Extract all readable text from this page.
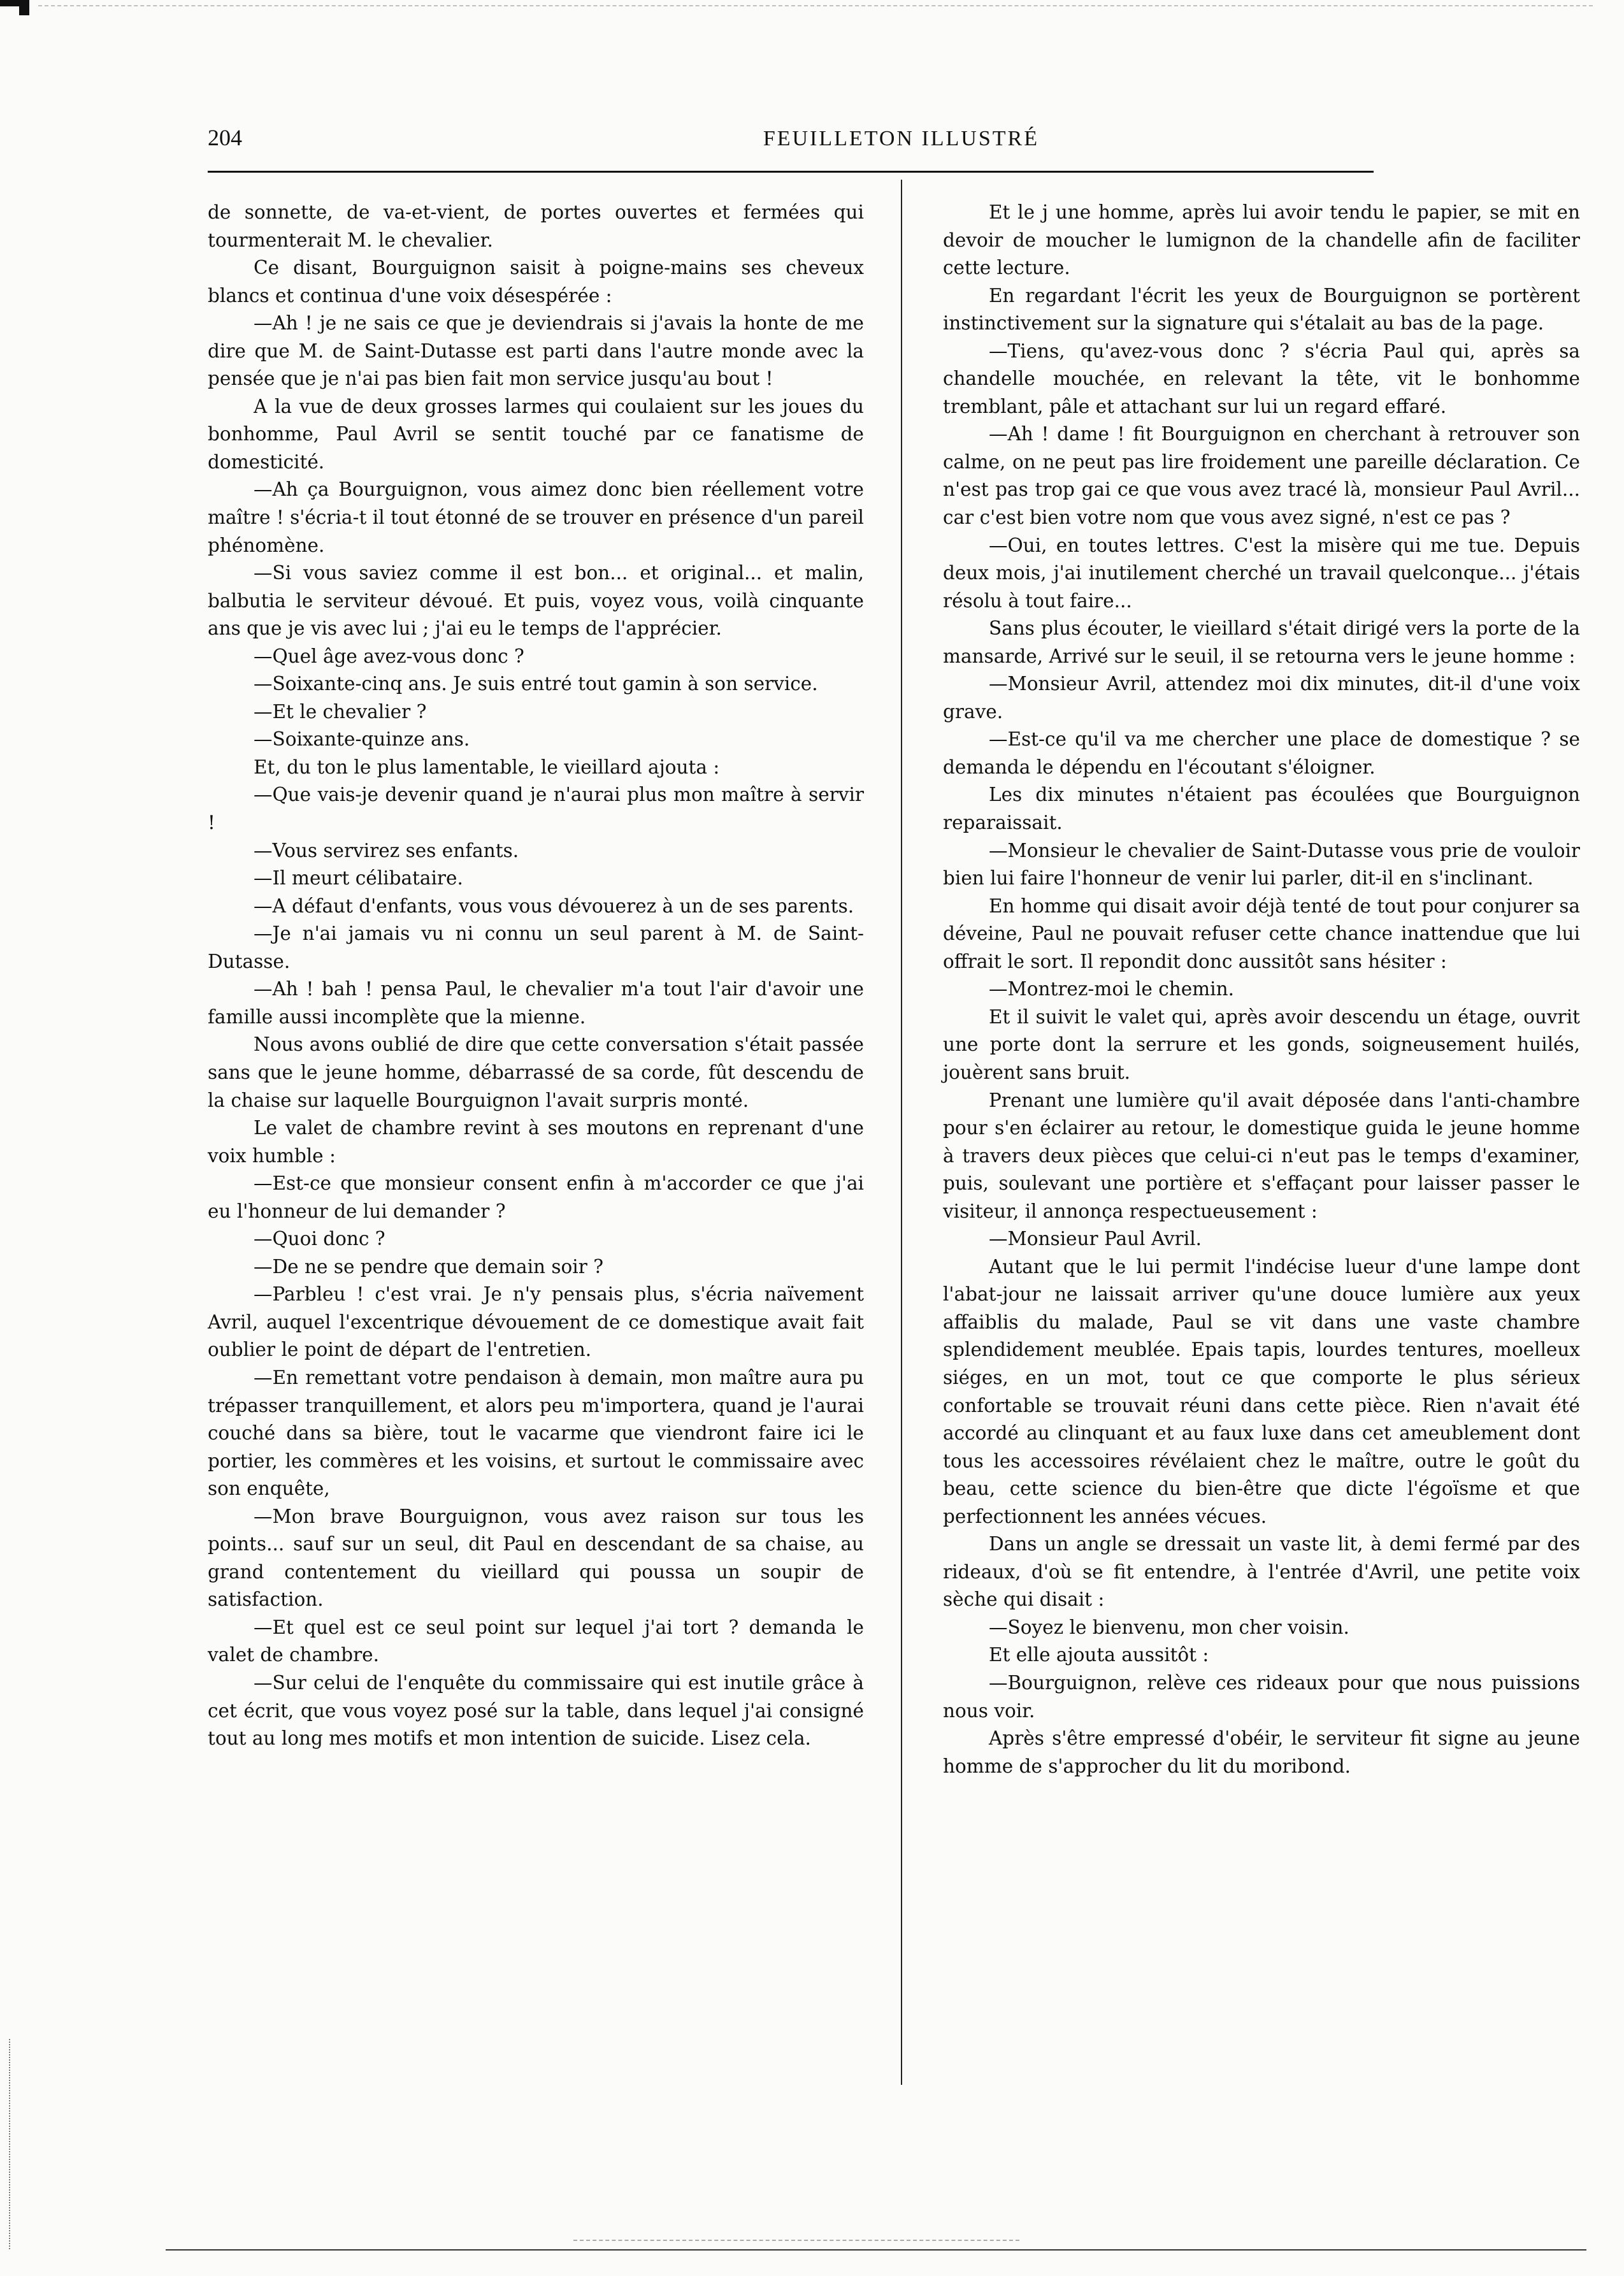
204	FEUILLETON ILLUSTRÉ

de sonnette, de va-et-vient, de portes ouvertes et fermées qui tourmenterait M. le chevalier.

Ce disant, Bourguignon saisit à poigne-mains ses cheveux blancs et continua d'une voix désespérée :

—Ah ! je ne sais ce que je deviendrais si j'avais la honte de me dire que M. de Saint-Dutasse est parti dans l'autre monde avec la pensée que je n'ai pas bien fait mon service jusqu'au bout !

A la vue de deux grosses larmes qui coulaient sur les joues du bonhomme, Paul Avril se sentit touché par ce fanatisme de domesticité.

—Ah ça Bourguignon, vous aimez donc bien réellement votre maître ! s'écria-t il tout étonné de se trouver en présence d'un pareil phénomène.

—Si vous saviez comme il est bon... et original... et malin, balbutia le serviteur dévoué. Et puis, voyez vous, voilà cinquante ans que je vis avec lui ; j'ai eu le temps de l'apprécier.

—Quel âge avez-vous donc ?

—Soixante-cinq ans. Je suis entré tout gamin à son service.

—Et le chevalier ?

—Soixante-quinze ans.

Et, du ton le plus lamentable, le vieillard ajouta :

—Que vais-je devenir quand je n'aurai plus mon maître à servir !

—Vous servirez ses enfants.

—Il meurt célibataire.

—A défaut d'enfants, vous vous dévouerez à un de ses parents.

—Je n'ai jamais vu ni connu un seul parent à M. de Saint-Dutasse.

—Ah ! bah ! pensa Paul, le chevalier m'a tout l'air d'avoir une famille aussi incomplète que la mienne.

Nous avons oublié de dire que cette conversation s'était passée sans que le jeune homme, débarrassé de sa corde, fût descendu de la chaise sur laquelle Bourguignon l'avait surpris monté.

Le valet de chambre revint à ses moutons en reprenant d'une voix humble :

—Est-ce que monsieur consent enfin à m'accorder ce que j'ai eu l'honneur de lui demander ?

—Quoi donc ?

—De ne se pendre que demain soir ?

—Parbleu ! c'est vrai. Je n'y pensais plus, s'écria naïvement Avril, auquel l'excentrique dévouement de ce domestique avait fait oublier le point de départ de l'entretien.

—En remettant votre pendaison à demain, mon maître aura pu trépasser tranquillement, et alors peu m'importera, quand je l'aurai couché dans sa bière, tout le vacarme que viendront faire ici le portier, les commères et les voisins, et surtout le commissaire avec son enquête,

—Mon brave Bourguignon, vous avez raison sur tous les points... sauf sur un seul, dit Paul en descendant de sa chaise, au grand contentement du vieillard qui poussa un soupir de satisfaction.

—Et quel est ce seul point sur lequel j'ai tort ? demanda le valet de chambre.

—Sur celui de l'enquête du commissaire qui est inutile grâce à cet écrit, que vous voyez posé sur la table, dans lequel j'ai consigné tout au long mes motifs et mon intention de suicide. Lisez cela.

Et le j une homme, après lui avoir tendu le papier, se mit en devoir de moucher le lumignon de la chandelle afin de faciliter cette lecture.

En regardant l'écrit les yeux de Bourguignon se portèrent instinctivement sur la signature qui s'étalait au bas de la page.

—Tiens, qu'avez-vous donc ? s'écria Paul qui, après sa chandelle mouchée, en relevant la tête, vit le bonhomme tremblant, pâle et attachant sur lui un regard effaré.

—Ah ! dame ! fit Bourguignon en cherchant à retrouver son calme, on ne peut pas lire froidement une pareille déclaration. Ce n'est pas trop gai ce que vous avez tracé là, monsieur Paul Avril... car c'est bien votre nom que vous avez signé, n'est ce pas ?

—Oui, en toutes lettres. C'est la misère qui me tue. Depuis deux mois, j'ai inutilement cherché un travail quelconque... j'étais résolu à tout faire...

Sans plus écouter, le vieillard s'était dirigé vers la porte de la mansarde, Arrivé sur le seuil, il se retourna vers le jeune homme :

—Monsieur Avril, attendez moi dix minutes, dit-il d'une voix grave.

—Est-ce qu'il va me chercher une place de domestique ? se demanda le dépendu en l'écoutant s'éloigner.

Les dix minutes n'étaient pas écoulées que Bourguignon reparaissait.

—Monsieur le chevalier de Saint-Dutasse vous prie de vouloir bien lui faire l'honneur de venir lui parler, dit-il en s'inclinant.

En homme qui disait avoir déjà tenté de tout pour conjurer sa déveine, Paul ne pouvait refuser cette chance inattendue que lui offrait le sort. Il repondit donc aussitôt sans hésiter :

—Montrez-moi le chemin.

Et il suivit le valet qui, après avoir descendu un étage, ouvrit une porte dont la serrure et les gonds, soigneusement huilés, jouèrent sans bruit.

Prenant une lumière qu'il avait déposée dans l'anti-chambre pour s'en éclairer au retour, le domestique guida le jeune homme à travers deux pièces que celui-ci n'eut pas le temps d'examiner, puis, soulevant une portière et s'effaçant pour laisser passer le visiteur, il annonça respectueusement :

—Monsieur Paul Avril.

Autant que le lui permit l'indécise lueur d'une lampe dont l'abat-jour ne laissait arriver qu'une douce lumière aux yeux affaiblis du malade, Paul se vit dans une vaste chambre splendidement meublée. Epais tapis, lourdes tentures, moelleux siéges, en un mot, tout ce que comporte le plus sérieux confortable se trouvait réuni dans cette pièce. Rien n'avait été accordé au clinquant et au faux luxe dans cet ameublement dont tous les accessoires révélaient chez le maître, outre le goût du beau, cette science du bien-être que dicte l'égoïsme et que perfectionnent les années vécues.

Dans un angle se dressait un vaste lit, à demi fermé par des rideaux, d'où se fit entendre, à l'entrée d'Avril, une petite voix sèche qui disait :

—Soyez le bienvenu, mon cher voisin.

Et elle ajouta aussitôt :

—Bourguignon, relève ces rideaux pour que nous puissions nous voir.

Après s'être empressé d'obéir, le serviteur fit signe au jeune homme de s'approcher du lit du moribond.
